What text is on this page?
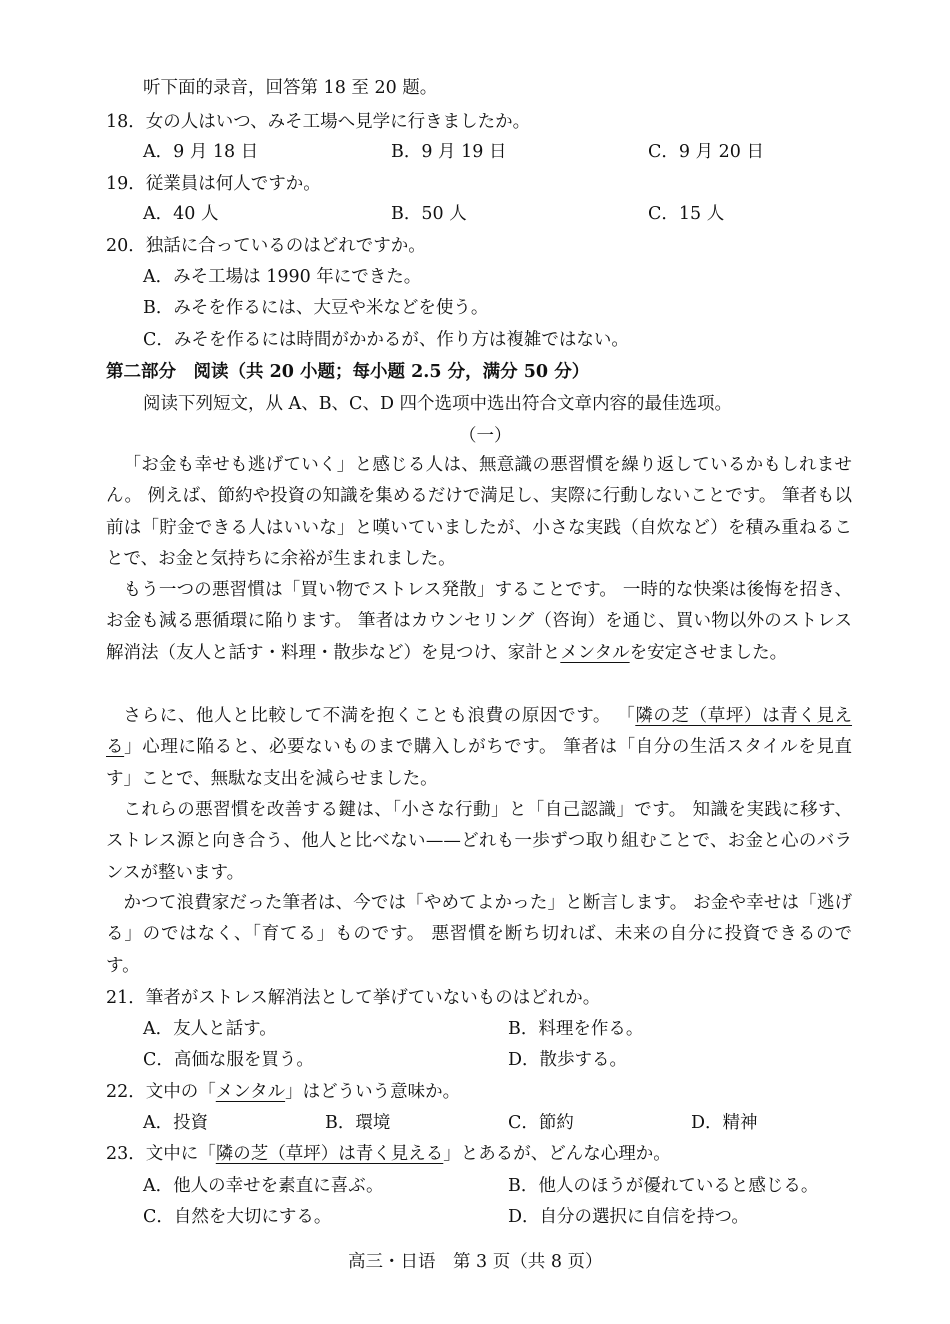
听下面的录音，回答第 18 至 20 题。
18．女の人はいつ、みそ工場へ見学に行きましたか。
A．9 月 18 日	B．9 月 19 日	C．9 月 20 日
19．従業員は何人ですか。
A．40 人	B．50 人	C．15 人
20．独話に合っているのはどれですか。
A．みそ工場は 1990 年にできた。
B．みそを作るには、大豆や米などを使う。
C．みそを作るには時間がかかるが、作り方は複雑ではない。
第二部分　阅读（共 20 小题；每小题 2.5 分，满分 50 分）
阅读下列短文，从 A、B、C、D 四个选项中选出符合文章内容的最佳选项。
（一）
「お金も幸せも逃げていく」と感じる人は、無意識の悪習慣を繰り返しているかもしれません。 例えば、節約や投資の知識を集めるだけで満足し、実際に行動しないことです。 筆者も以前は「貯金できる人はいいな」と嘆いていましたが、小さな実践（自炊など）を積み重ねることで、お金と気持ちに余裕が生まれました。
もう一つの悪習慣は「買い物でストレス発散」することです。 一時的な快楽は後悔を招き、お金も減る悪循環に陥ります。 筆者はカウンセリング（咨询）を通じ、買い物以外のストレス解消法（友人と話す・料理・散歩など）を見つけ、家計とメンタルを安定させました。
さらに、他人と比較して不満を抱くことも浪費の原因です。 「隣の芝（草坪）は青く見える」心理に陥ると、必要ないものまで購入しがちです。 筆者は「自分の生活スタイルを見直す」ことで、無駄な支出を減らせました。
これらの悪習慣を改善する鍵は、「小さな行動」と「自己認識」です。 知識を実践に移す、ストレス源と向き合う、他人と比べない——どれも一歩ずつ取り組むことで、お金と心のバランスが整います。
かつて浪費家だった筆者は、今では「やめてよかった」と断言します。 お金や幸せは「逃げる」のではなく、「育てる」ものです。 悪習慣を断ち切れば、未来の自分に投資できるのです。
21．筆者がストレス解消法として挙げていないものはどれか。
A．友人と話す。	B．料理を作る。
C．高価な服を買う。	D．散歩する。
22．文中の「メンタル」はどういう意味か。
A．投資	B．環境	C．節約	D．精神
23．文中に「隣の芝（草坪）は青く見える」とあるが、どんな心理か。
A．他人の幸せを素直に喜ぶ。	B．他人のほうが優れていると感じる。
C．自然を大切にする。	D．自分の選択に自信を持つ。
高三・日语　第 3 页（共 8 页）
